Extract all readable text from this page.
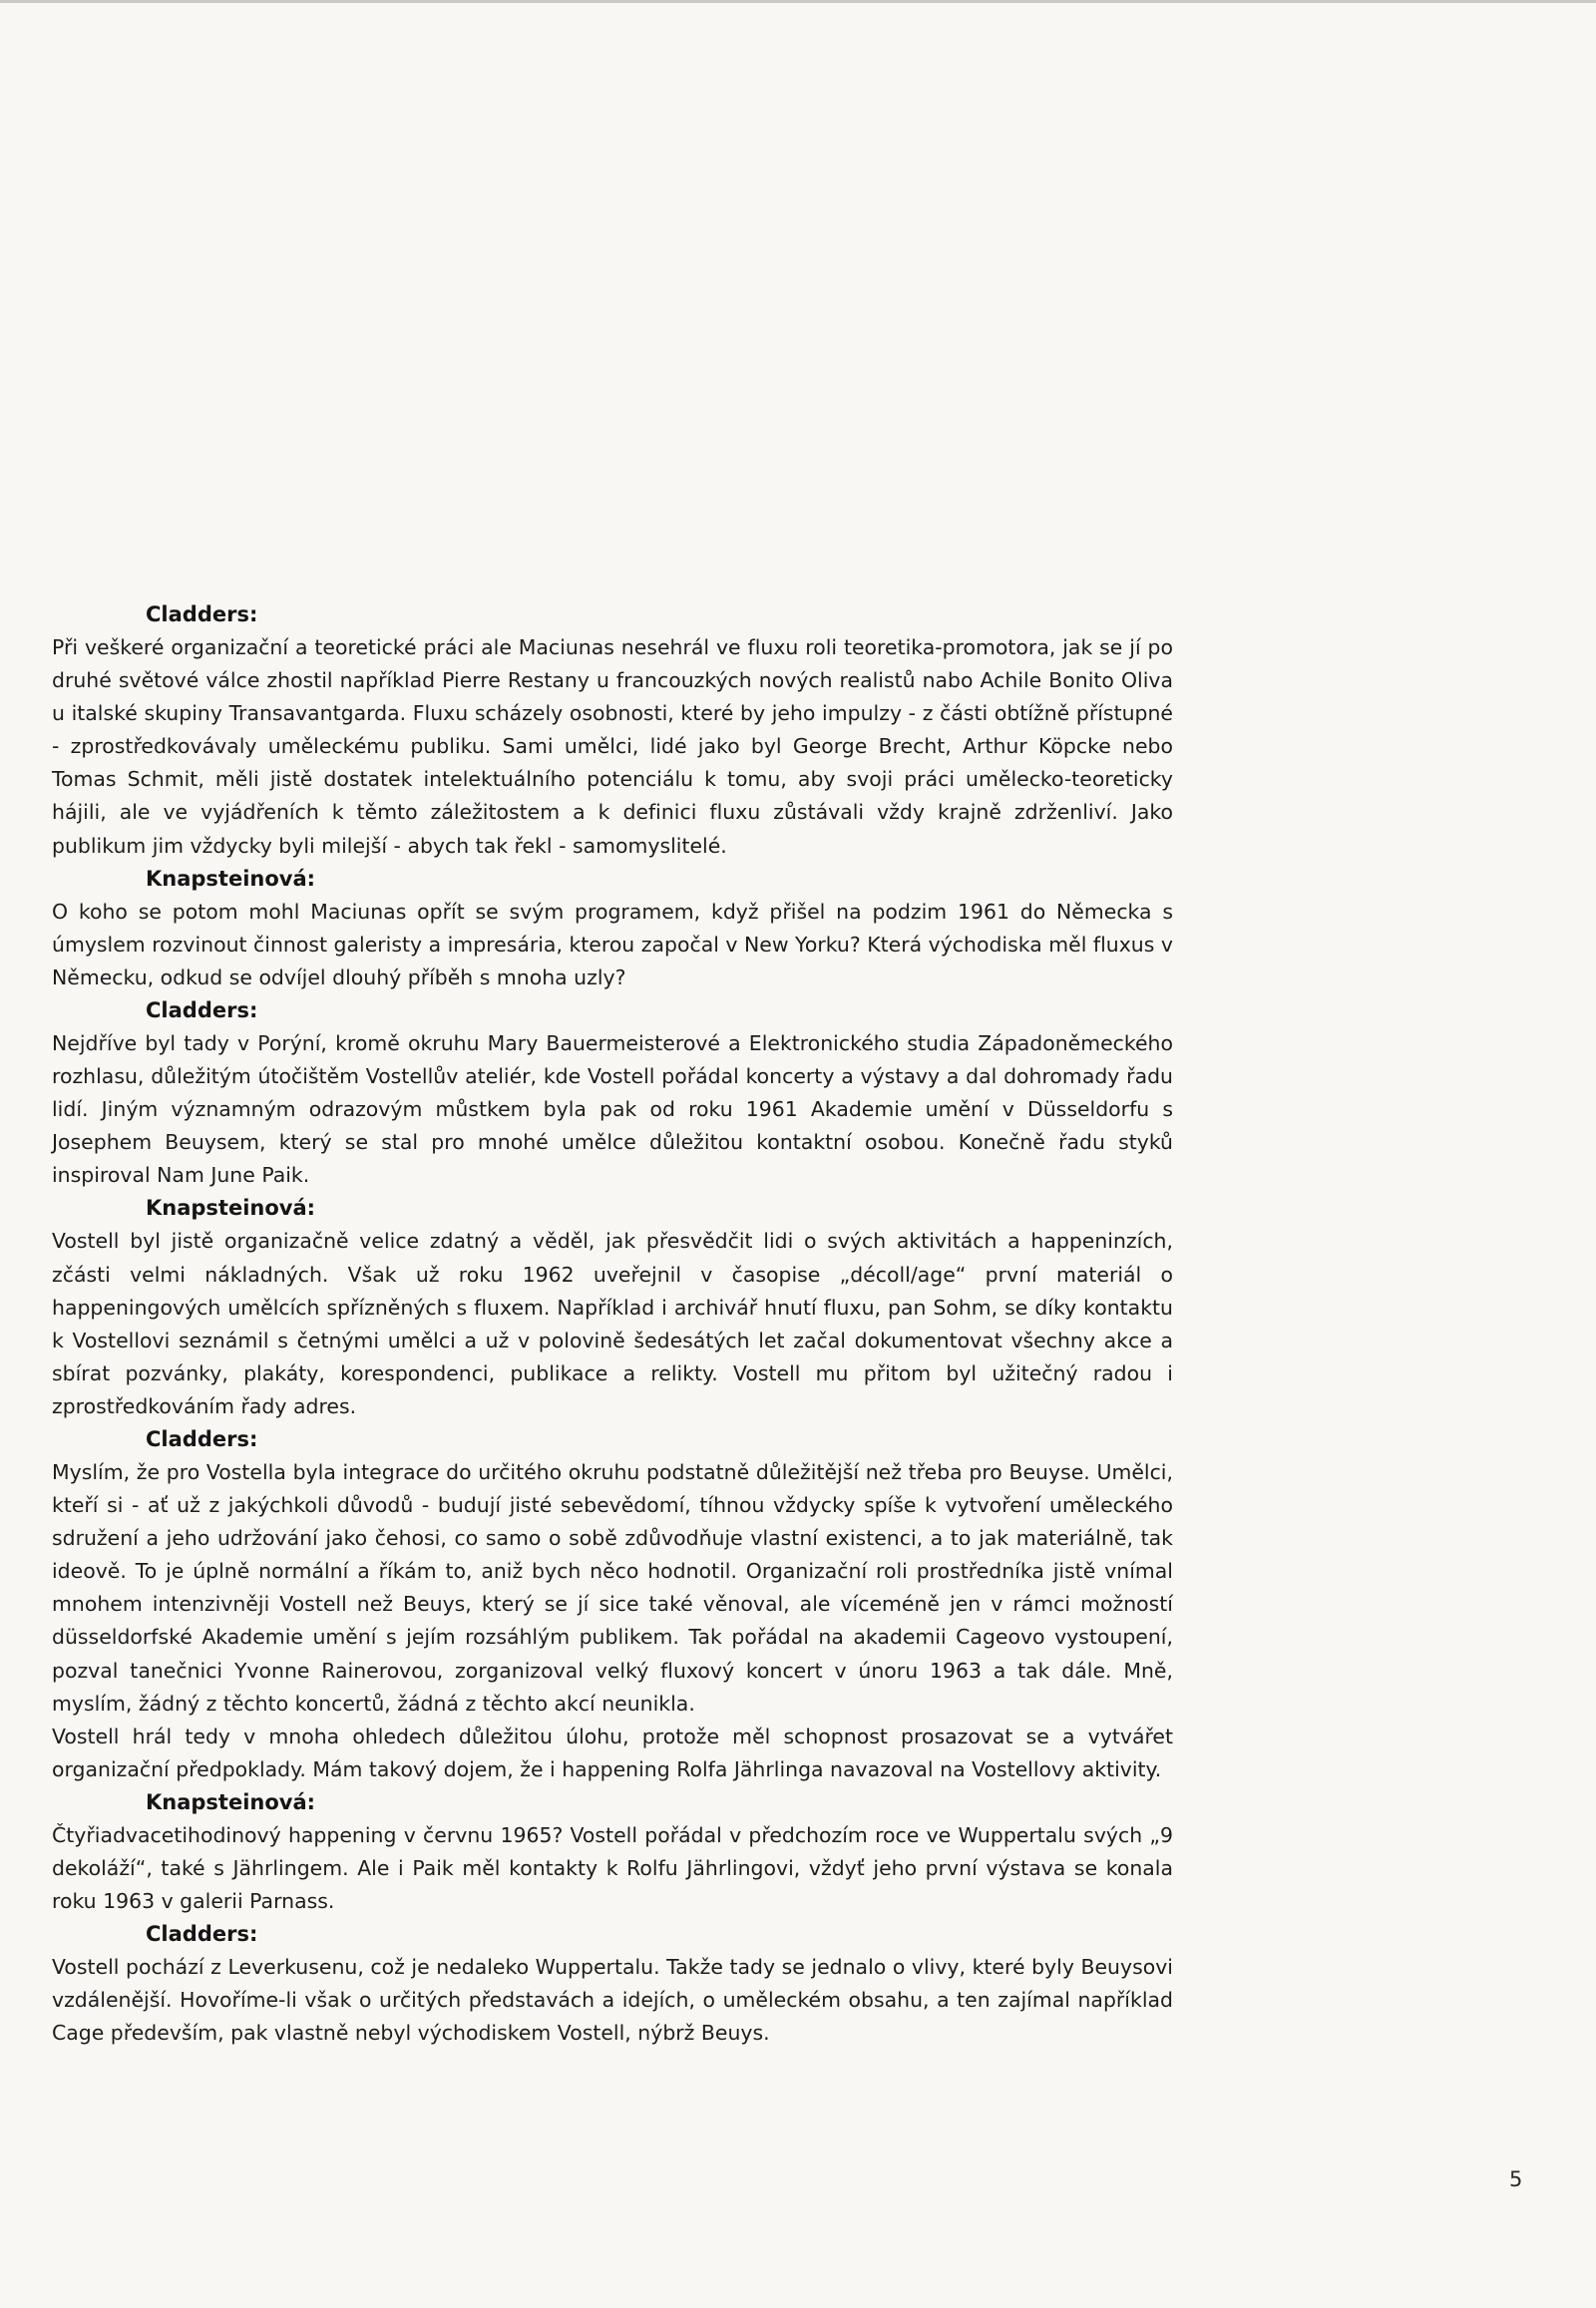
Cladders:

Při veškeré organizační a teoretické práci ale Maciunas nesehrál ve fluxu roli teoretika-promotora, jak se jí po druhé světové válce zhostil například Pierre Restany u francouzkých nových realistů nabo Achile Bonito Oliva u italské skupiny Transavantgarda. Fluxu scházely osobnosti, které by jeho impulzy - z části obtížně přístupné - zprostředkovávaly uměleckému publiku. Sami umělci, lidé jako byl George Brecht, Arthur Köpcke nebo Tomas Schmit, měli jistě dostatek intelektuálního potenciálu k tomu, aby svoji práci umělecko-teoreticky hájili, ale ve vyjádřeních k těmto záležitostem a k definici fluxu zůstávali vždy krajně zdrženliví. Jako publikum jim vždycky byli milejší - abych tak řekl - samomyslitelé.

Knapsteinová:

O koho se potom mohl Maciunas opřít se svým programem, když přišel na podzim 1961 do Německa s úmyslem rozvinout činnost galeristy a impresária, kterou započal v New Yorku? Která východiska měl fluxus v Německu, odkud se odvíjel dlouhý příběh s mnoha uzly?

Cladders:

Nejdříve byl tady v Porýní, kromě okruhu Mary Bauermeisterové a Elektronického studia Západoněmeckého rozhlasu, důležitým útočištěm Vostellův ateliér, kde Vostell pořádal koncerty a výstavy a dal dohromady řadu lidí. Jiným významným odrazovým můstkem byla pak od roku 1961 Akademie umění v Düsseldorfu s Josephem Beuysem, který se stal pro mnohé umělce důležitou kontaktní osobou. Konečně řadu styků inspiroval Nam June Paik.

Knapsteinová:

Vostell byl jistě organizačně velice zdatný a věděl, jak přesvědčit lidi o svých aktivitách a happeninzích, zčásti velmi nákladných. Však už roku 1962 uveřejnil v časopise „décoll/age“ první materiál o happeningových umělcích spřízněných s fluxem. Například i archivář hnutí fluxu, pan Sohm, se díky kontaktu k Vostellovi seznámil s četnými umělci a už v polovině šedesátých let začal dokumentovat všechny akce a sbírat pozvánky, plakáty, korespondenci, publikace a relikty. Vostell mu přitom byl užitečný radou i zprostředkováním řady adres.

Cladders:

Myslím, že pro Vostella byla integrace do určitého okruhu podstatně důležitější než třeba pro Beuyse. Umělci, kteří si - ať už z jakýchkoli důvodů - budují jisté sebevědomí, tíhnou vždycky spíše k vytvoření uměleckého sdružení a jeho udržování jako čehosi, co samo o sobě zdůvodňuje vlastní existenci, a to jak materiálně, tak ideově. To je úplně normální a říkám to, aniž bych něco hodnotil. Organizační roli prostředníka jistě vnímal mnohem intenzivněji Vostell než Beuys, který se jí sice také věnoval, ale víceméně jen v rámci možností düsseldorfské Akademie umění s jejím rozsáhlým publikem. Tak pořádal na akademii Cageovo vystoupení, pozval tanečnici Yvonne Rainerovou, zorganizoval velký fluxový koncert v únoru 1963 a tak dále. Mně, myslím, žádný z těchto koncertů, žádná z těchto akcí neunikla.

Vostell hrál tedy v mnoha ohledech důležitou úlohu, protože měl schopnost prosazovat se a vytvářet organizační předpoklady. Mám takový dojem, že i happening Rolfa Jährlinga navazoval na Vostellovy aktivity.

Knapsteinová:

Čtyřiadvacetihodinový happening v červnu 1965? Vostell pořádal v předchozím roce ve Wuppertalu svých „9 dekoláží“, také s Jährlingem. Ale i Paik měl kontakty k Rolfu Jährlingovi, vždyť jeho první výstava se konala roku 1963 v galerii Parnass.

Cladders:

Vostell pochází z Leverkusenu, což je nedaleko Wuppertalu. Takže tady se jednalo o vlivy, které byly Beuysovi vzdálenější. Hovoříme-li však o určitých představách a idejích, o uměleckém obsahu, a ten zajímal například Cage především, pak vlastně nebyl východiskem Vostell, nýbrž Beuys.

5
